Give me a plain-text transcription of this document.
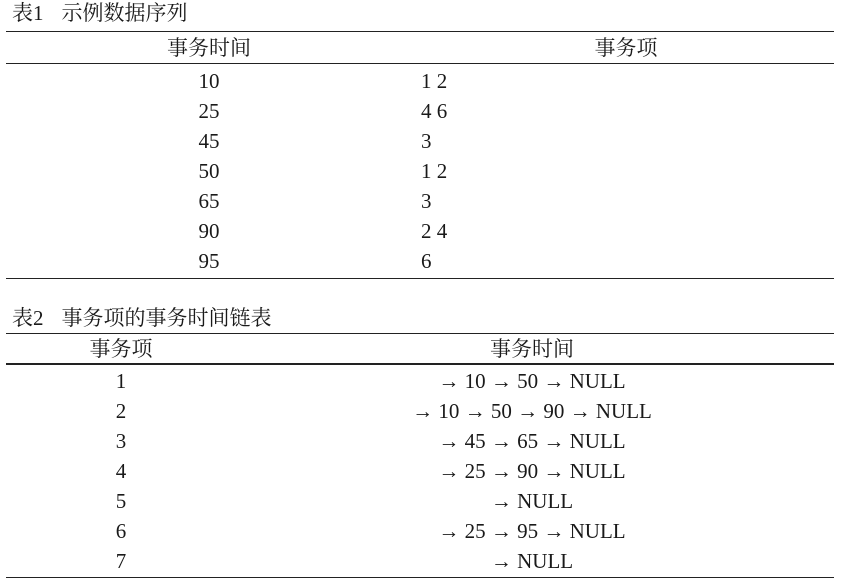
表1 示例数据序列
事务时间	事务项
10	1 2
25	4 6
45	3
50	1 2
65	3
90	2 4
95	6
表2 事务项的事务时间链表
事务项	事务时间
1	→ 10 → 50 → NULL
2	→ 10 → 50 → 90 → NULL
3	→ 45 → 65 → NULL
4	→ 25 → 90 → NULL
5	→ NULL
6	→ 25 → 95 → NULL
7	→ NULL
